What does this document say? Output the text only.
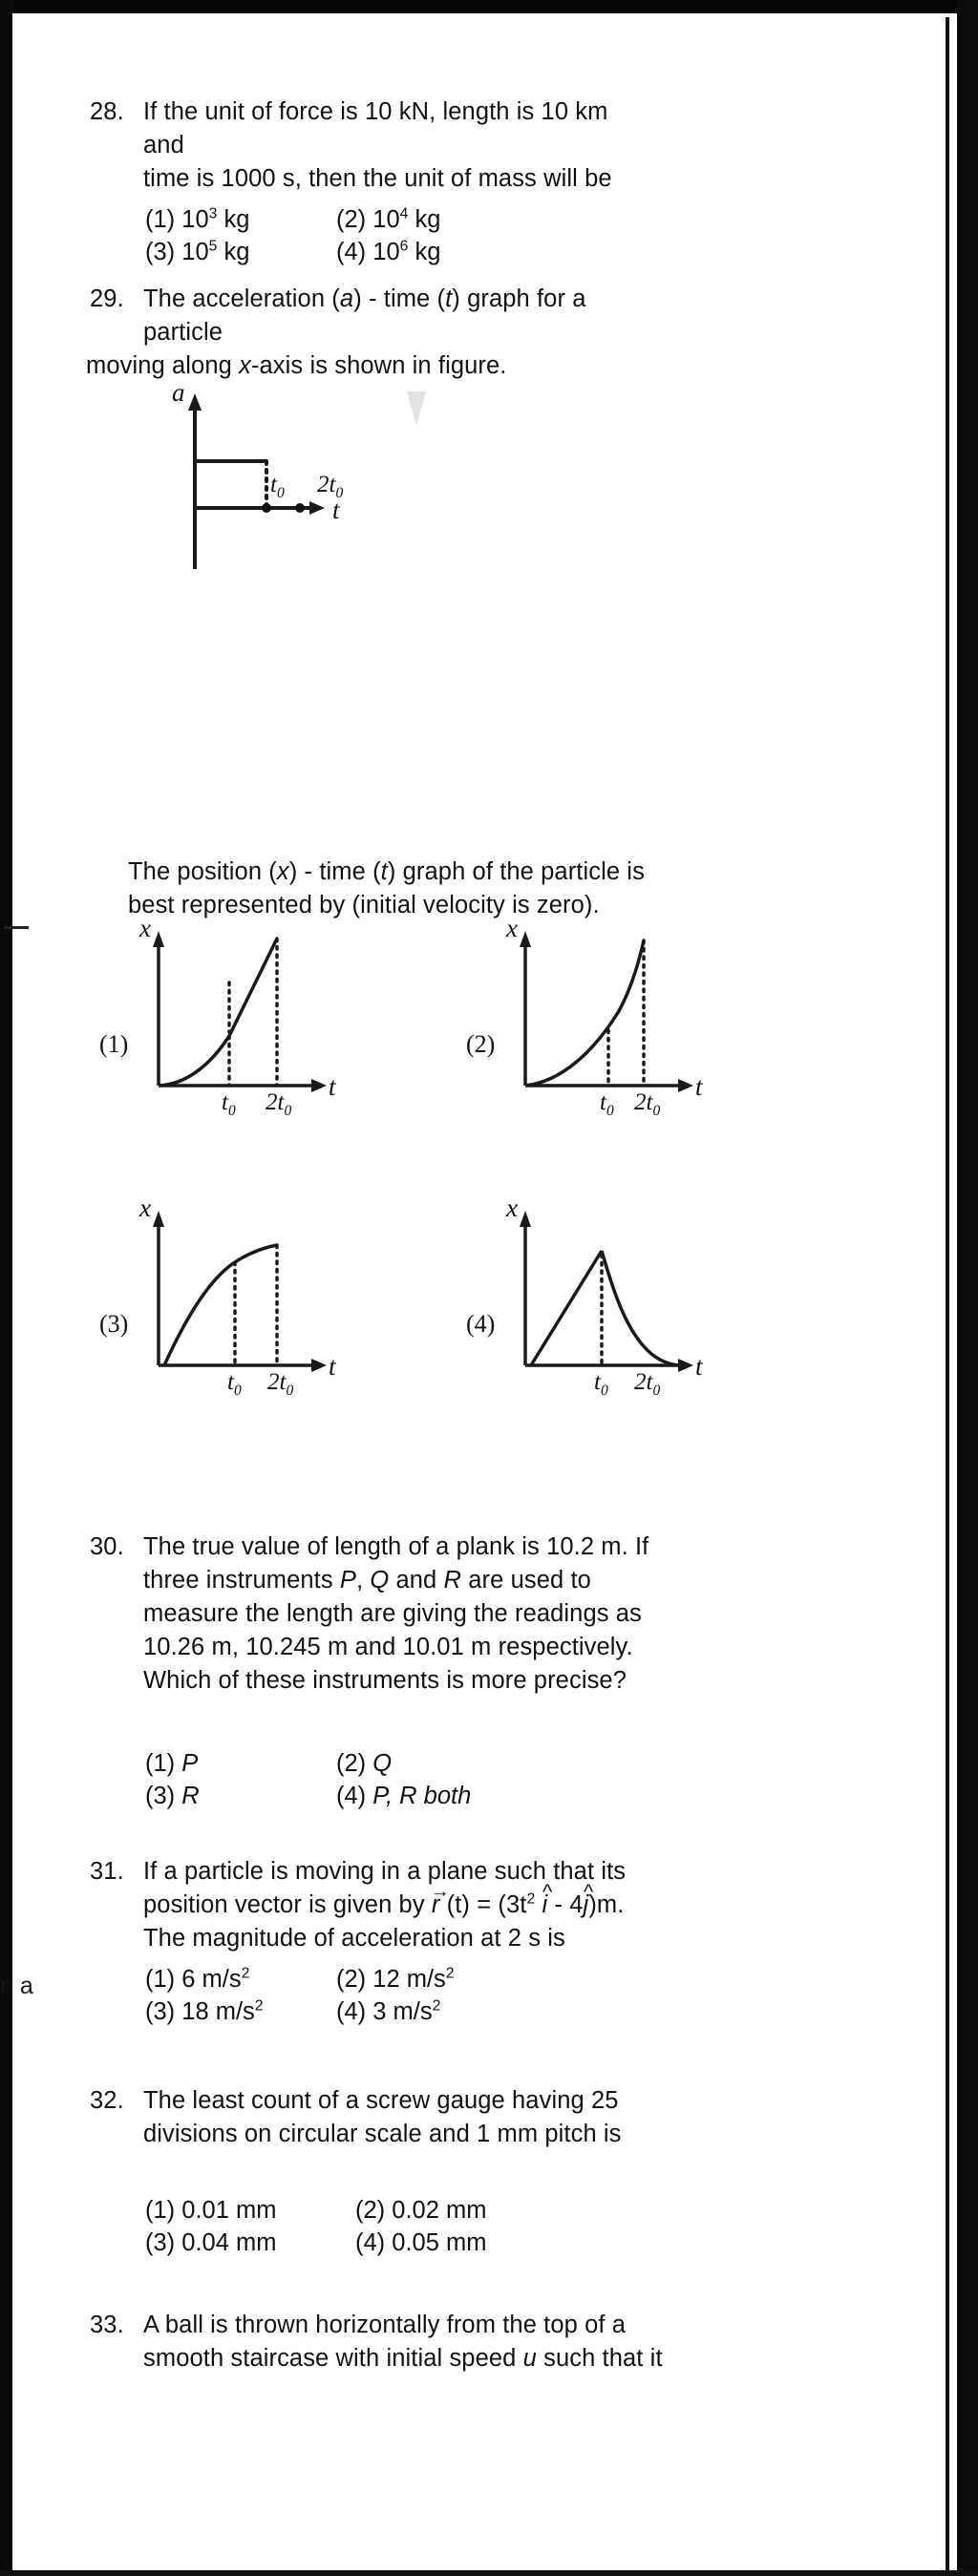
n a
28. If the unit of force is 10 kN, length is 10 km and
time is 1000 s, then the unit of mass will be
(1) $10^3$ kg	(2) $10^4$ kg
(3) $10^5$ kg	(4) $10^6$ kg
29. The acceleration (a) - time (t) graph for a particle
moving along x-axis is shown in figure.
a
t
$t_0$ $2t_0$
The position (x) - time (t) graph of the particle is
best represented by (initial velocity is zero).
(1)
x
t
$t_0$ $2t_0$
(2)
x
t
$t_0$ $2t_0$
(3)
x
t
$t_0$ $2t_0$
(4)
x
t
$t_0$ $2t_0$
30. The true value of length of a plank is 10.2 m. If
three instruments P, Q and R are used to
measure the length are giving the readings as
10.26 m, 10.245 m and 10.01 m respectively.
Which of these instruments is more precise?
(1) P	(2) Q
(3) R	(4) P, R both
31. If a particle is moving in a plane such that its
position vector is given by $r \to (t) = (3t^2$ i ^ - 4j ^)m.
The magnitude of acceleration at 2 s is
(1) 6 $m/s^2$	(2) 12 $m/s^2$
(3) 18 $m/s^2$	(4) 3 $m/s^2$
32. The least count of a screw gauge having 25
divisions on circular scale and 1 mm pitch is
(1) 0.01 mm	(2) 0.02 mm
(3) 0.04 mm	(4) 0.05 mm
33. A ball is thrown horizontally from the top of a
smooth staircase with initial speed u such that it
